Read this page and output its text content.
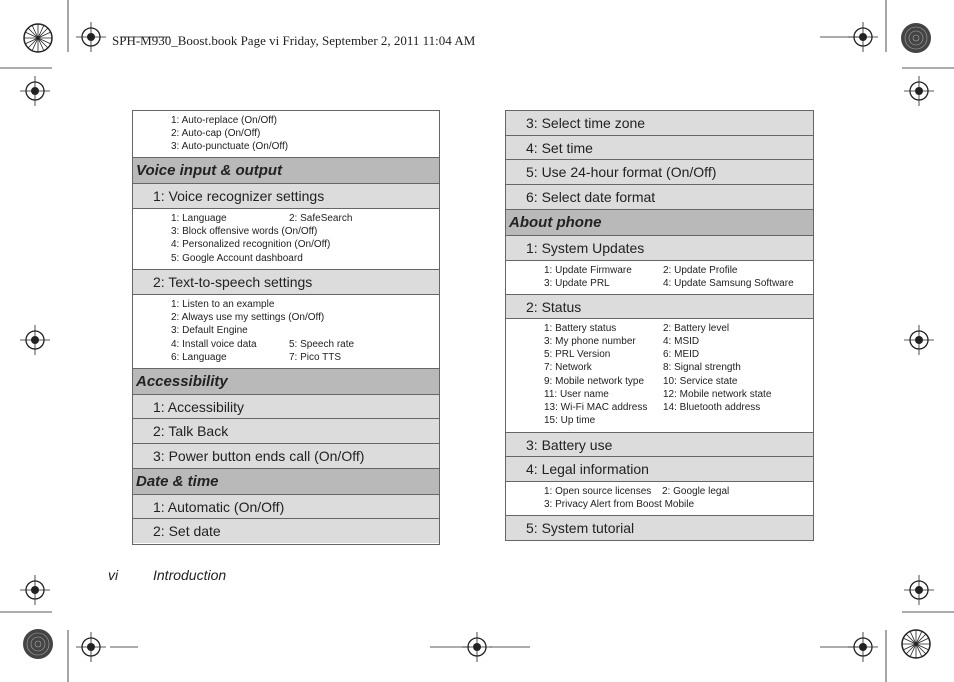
SPH-M930_Boost.book Page vi Friday, September 2, 2011 11:04 AM
1: Auto-replace (On/Off)
2: Auto-cap (On/Off)
3: Auto-punctuate (On/Off)
Voice input & output
1: Voice recognizer settings
1: Language	2: SafeSearch
3: Block offensive words (On/Off)
4: Personalized recognition (On/Off)
5: Google Account dashboard
2: Text-to-speech settings
1: Listen to an example
2: Always use my settings (On/Off)
3: Default Engine
4: Install voice data	5: Speech rate
6: Language	7: Pico TTS
Accessibility
1: Accessibility
2: Talk Back
3: Power button ends call (On/Off)
Date & time
1: Automatic (On/Off)
2: Set date
3: Select time zone
4: Set time
5: Use 24-hour format (On/Off)
6: Select date format
About phone
1: System Updates
1: Update Firmware	2: Update Profile
3: Update PRL	4: Update Samsung Software
2: Status
1: Battery status	2: Battery level
3: My phone number	4: MSID
5: PRL Version	6: MEID
7: Network	8: Signal strength
9: Mobile network type 10: Service state
11: User name	12: Mobile network state
13: Wi-Fi MAC address 14: Bluetooth address
15: Up time
3: Battery use
4: Legal information
1: Open source licenses 2: Google legal
3: Privacy Alert from Boost Mobile
5: System tutorial
vi Introduction
